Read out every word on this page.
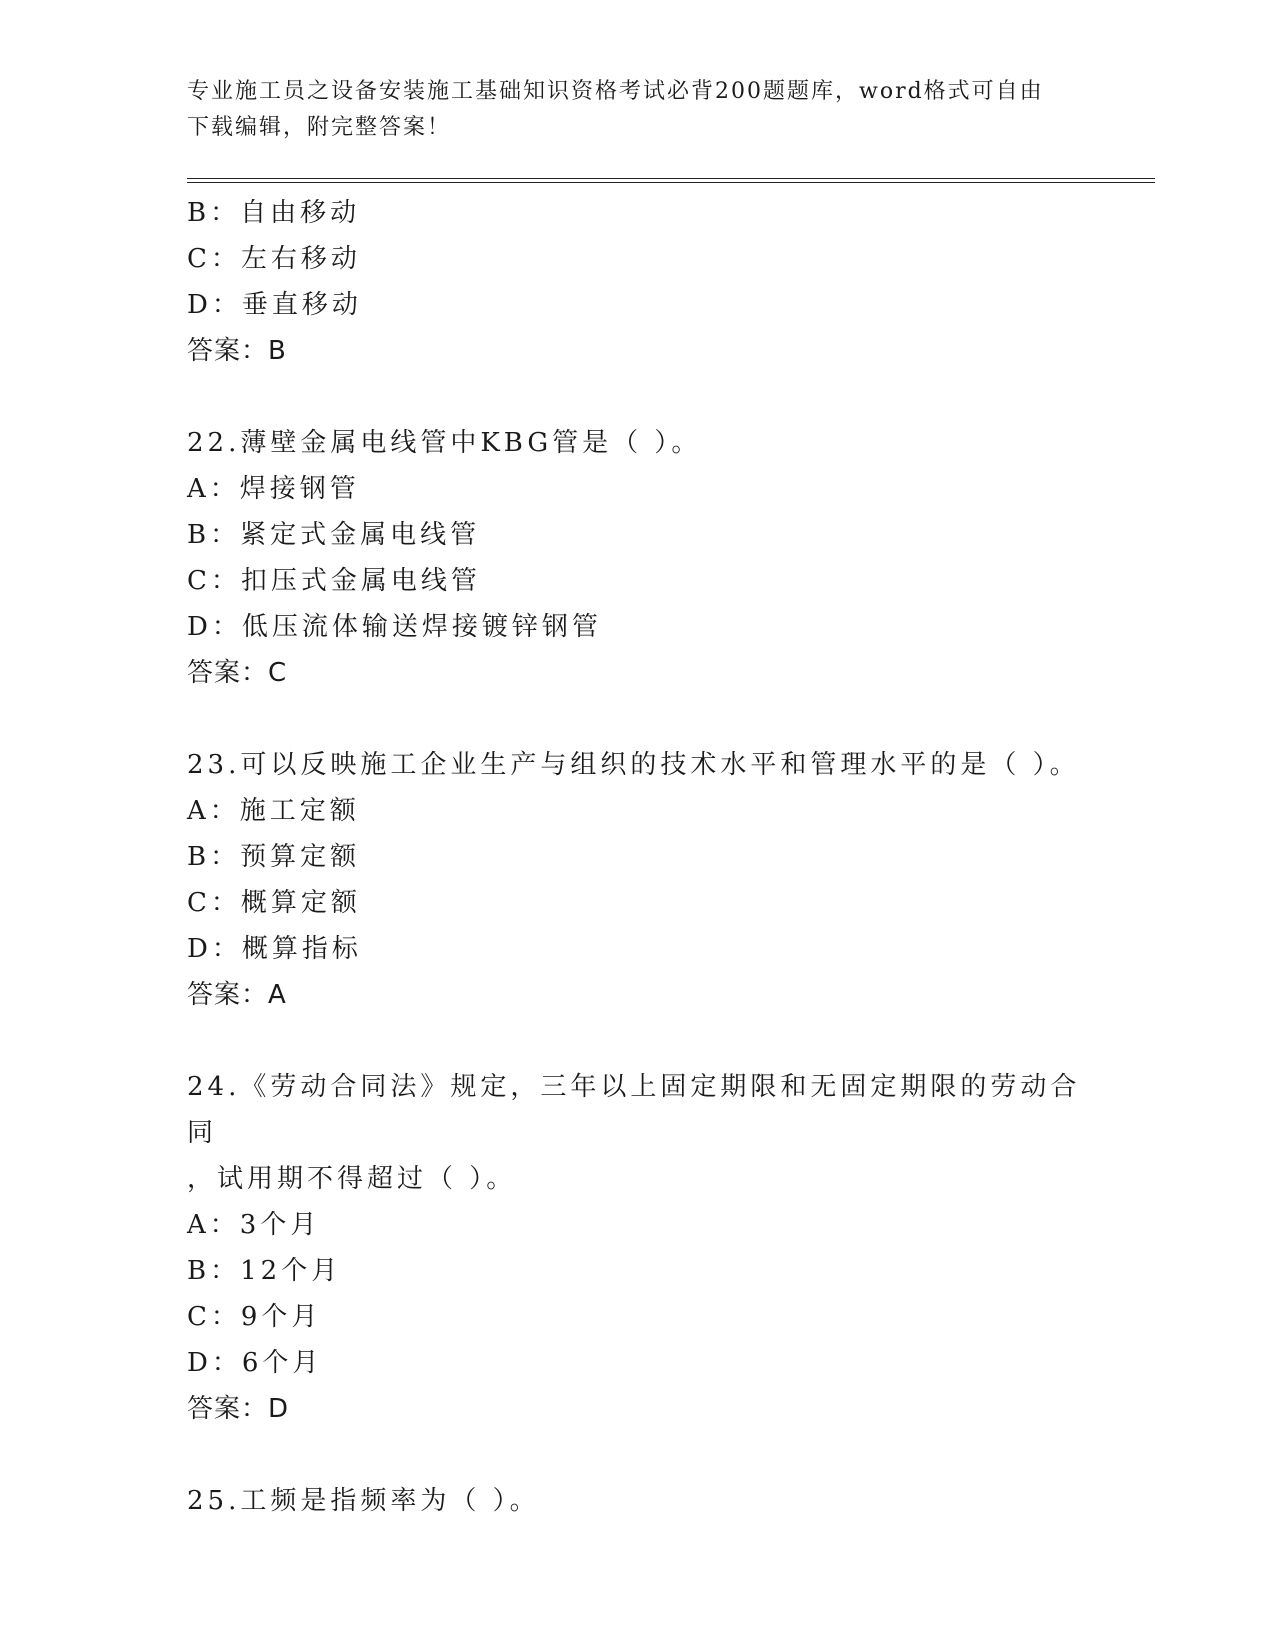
专业施工员之设备安装施工基础知识资格考试必背200题题库，word格式可自由
下载编辑，附完整答案！
B：自由移动
C：左右移动
D：垂直移动
答案：B
22.薄壁金属电线管中KBG管是（ ）。
A：焊接钢管
B：紧定式金属电线管
C：扣压式金属电线管
D：低压流体输送焊接镀锌钢管
答案：C
23.可以反映施工企业生产与组织的技术水平和管理水平的是（ ）。
A：施工定额
B：预算定额
C：概算定额
D：概算指标
答案：A
24.《劳动合同法》规定，三年以上固定期限和无固定期限的劳动合同
，试用期不得超过（ ）。
A：3个月
B：12个月
C：9个月
D：6个月
答案：D
25.工频是指频率为（ ）。
